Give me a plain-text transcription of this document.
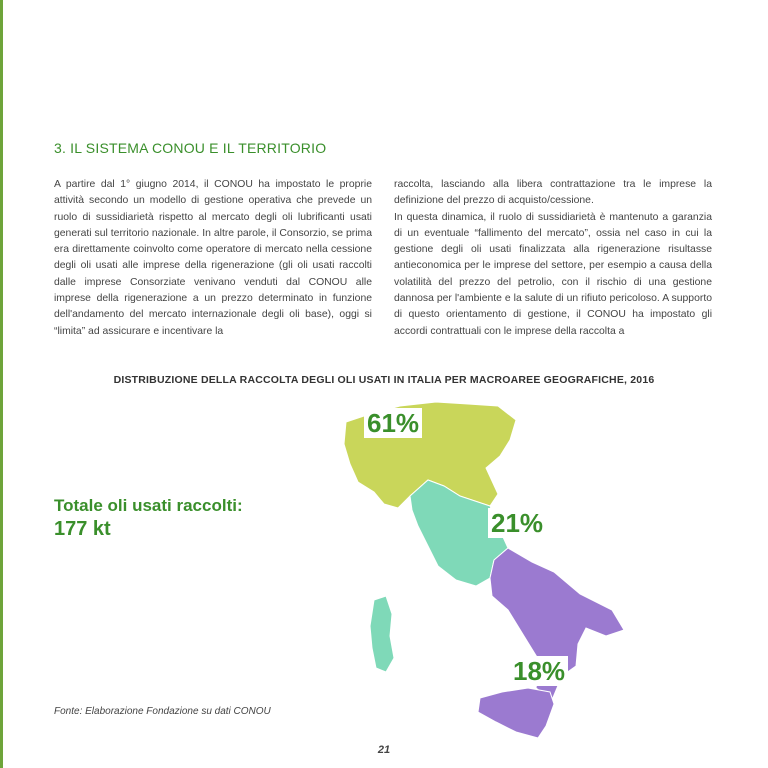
3. IL SISTEMA CONOU E IL TERRITORIO

A partire dal 1° giugno 2014, il CONOU ha impostato le proprie attività secondo un modello di gestione operativa che prevede un ruolo di sussidiarietà rispetto al mercato degli oli lubrificanti usati generati sul territorio nazionale. In altre parole, il Consorzio, se prima era direttamente coinvolto come operatore di mercato nella cessione degli oli usati alle imprese della rigenerazione (gli oli usati raccolti dalle imprese Consorziate venivano venduti dal CONOU alle imprese della rigenerazione a un prezzo determinato in funzione dell'andamento del mercato internazionale degli oli base), oggi si “limita” ad assicurare e incentivare la

raccolta, lasciando alla libera contrattazione tra le imprese la definizione del prezzo di acquisto/cessione.

In questa dinamica, il ruolo di sussidiarietà è mantenuto a garanzia di un eventuale “fallimento del mercato”, ossia nel caso in cui la gestione degli oli usati finalizzata alla rigenerazione risultasse antieconomica per le imprese del settore, per esempio a causa della volatilità del prezzo del petrolio, con il rischio di una gestione dannosa per l'ambiente e la salute di un rifiuto pericoloso. A supporto di questo orientamento di gestione, il CONOU ha impostato gli accordi contrattuali con le imprese della raccolta a

DISTRIBUZIONE DELLA RACCOLTA DEGLI OLI USATI IN ITALIA PER MACROAREE GEOGRAFICHE, 2016
Totale oli usati raccolti:
177 kt
61%
21%
18%
Fonte: Elaborazione Fondazione su dati CONOU
21
